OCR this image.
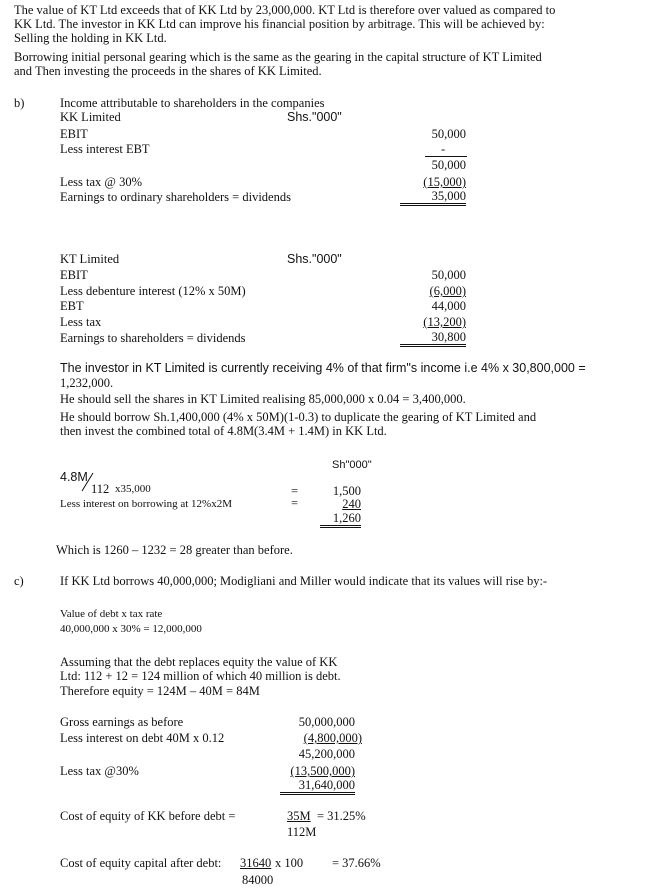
The value of KT Ltd exceeds that of KK Ltd by 23,000,000. KT Ltd is therefore over valued as compared to
KK Ltd. The investor in KK Ltd can improve his financial position by arbitrage. This will be achieved by:
Selling the holding in KK Ltd.
Borrowing initial personal gearing which is the same as the gearing in the capital structure of KT Limited
and Then investing the proceeds in the shares of KK Limited.
b)	Income attributable to shareholders in the companies
KK Limited	Shs."000"
EBIT	50,000
Less interest EBT	-
50,000
Less tax @ 30%	(15,000)
Earnings to ordinary shareholders = dividends	35,000
KT Limited	Shs."000"
EBIT	50,000
Less debenture interest (12% x 50M)	(6,000)
EBT	44,000
Less tax	(13,200)
Earnings to shareholders = dividends	30,800
The investor in KT Limited is currently receiving 4% of that firm"s income i.e 4% x 30,800,000 =
1,232,000.
He should sell the shares in KT Limited realising 85,000,000 x 0.04 = 3,400,000.
He should borrow Sh.1,400,000 (4% x 50M)(1-0.3) to duplicate the gearing of KT Limited and
then invest the combined total of 4.8M(3.4M + 1.4M) in KK Ltd.
Sh"000"
4.8M
112 x35,000	=	1,500
Less interest on borrowing at 12%x2M	=	240
1,260
Which is 1260 – 1232 = 28 greater than before.
c)	If KK Ltd borrows 40,000,000; Modigliani and Miller would indicate that its values will rise by:-
Value of debt x tax rate
40,000,000 x 30% = 12,000,000
Assuming that the debt replaces equity the value of KK
Ltd: 112 + 12 = 124 million of which 40 million is debt.
Therefore equity = 124M – 40M = 84M
Gross earnings as before	50,000,000
Less interest on debt 40M x 0.12	(4,800,000)
45,200,000
Less tax @30%	(13,500,000)
31,640,000
Cost of equity of KK before debt =	35M = 31.25%
112M
Cost of equity capital after debt: 31640 x 100 = 37.66%
84000
